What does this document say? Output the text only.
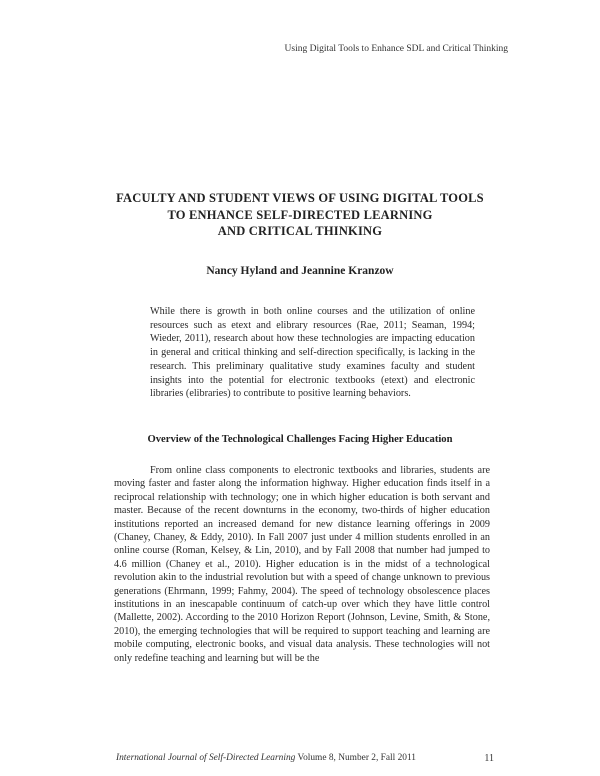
Using Digital Tools to Enhance SDL and Critical Thinking
FACULTY AND STUDENT VIEWS OF USING DIGITAL TOOLS
TO ENHANCE SELF-DIRECTED LEARNING
AND CRITICAL THINKING
Nancy Hyland and Jeannine Kranzow

While there is growth in both online courses and the utilization of online resources such as etext and elibrary resources (Rae, 2011; Seaman, 1994; Wieder, 2011), research about how these technologies are impacting education in general and critical thinking and self-direction specifically, is lacking in the research. This preliminary qualitative study examines faculty and student insights into the potential for electronic textbooks (etext) and electronic libraries (elibraries) to contribute to positive learning behaviors.

Overview of the Technological Challenges Facing Higher Education

From online class components to electronic textbooks and libraries, students are moving faster and faster along the information highway. Higher education finds itself in a reciprocal relationship with technology; one in which higher education is both servant and master. Because of the recent downturns in the economy, two-thirds of higher education institutions reported an increased demand for new distance learning offerings in 2009 (Chaney, Chaney, & Eddy, 2010). In Fall 2007 just under 4 million students enrolled in an online course (Roman, Kelsey, & Lin, 2010), and by Fall 2008 that number had jumped to 4.6 million (Chaney et al., 2010). Higher education is in the midst of a technological revolution akin to the industrial revolution but with a speed of change unknown to previous generations (Ehrmann, 1999; Fahmy, 2004). The speed of technology obsolescence places institutions in an inescapable continuum of catch-up over which they have little control (Mallette, 2002). According to the 2010 Horizon Report (Johnson, Levine, Smith, & Stone, 2010), the emerging technologies that will be required to support teaching and learning are mobile computing, electronic books, and visual data analysis. These technologies will not only redefine teaching and learning but will be the

International Journal of Self-Directed Learning Volume 8, Number 2, Fall 2011	11
